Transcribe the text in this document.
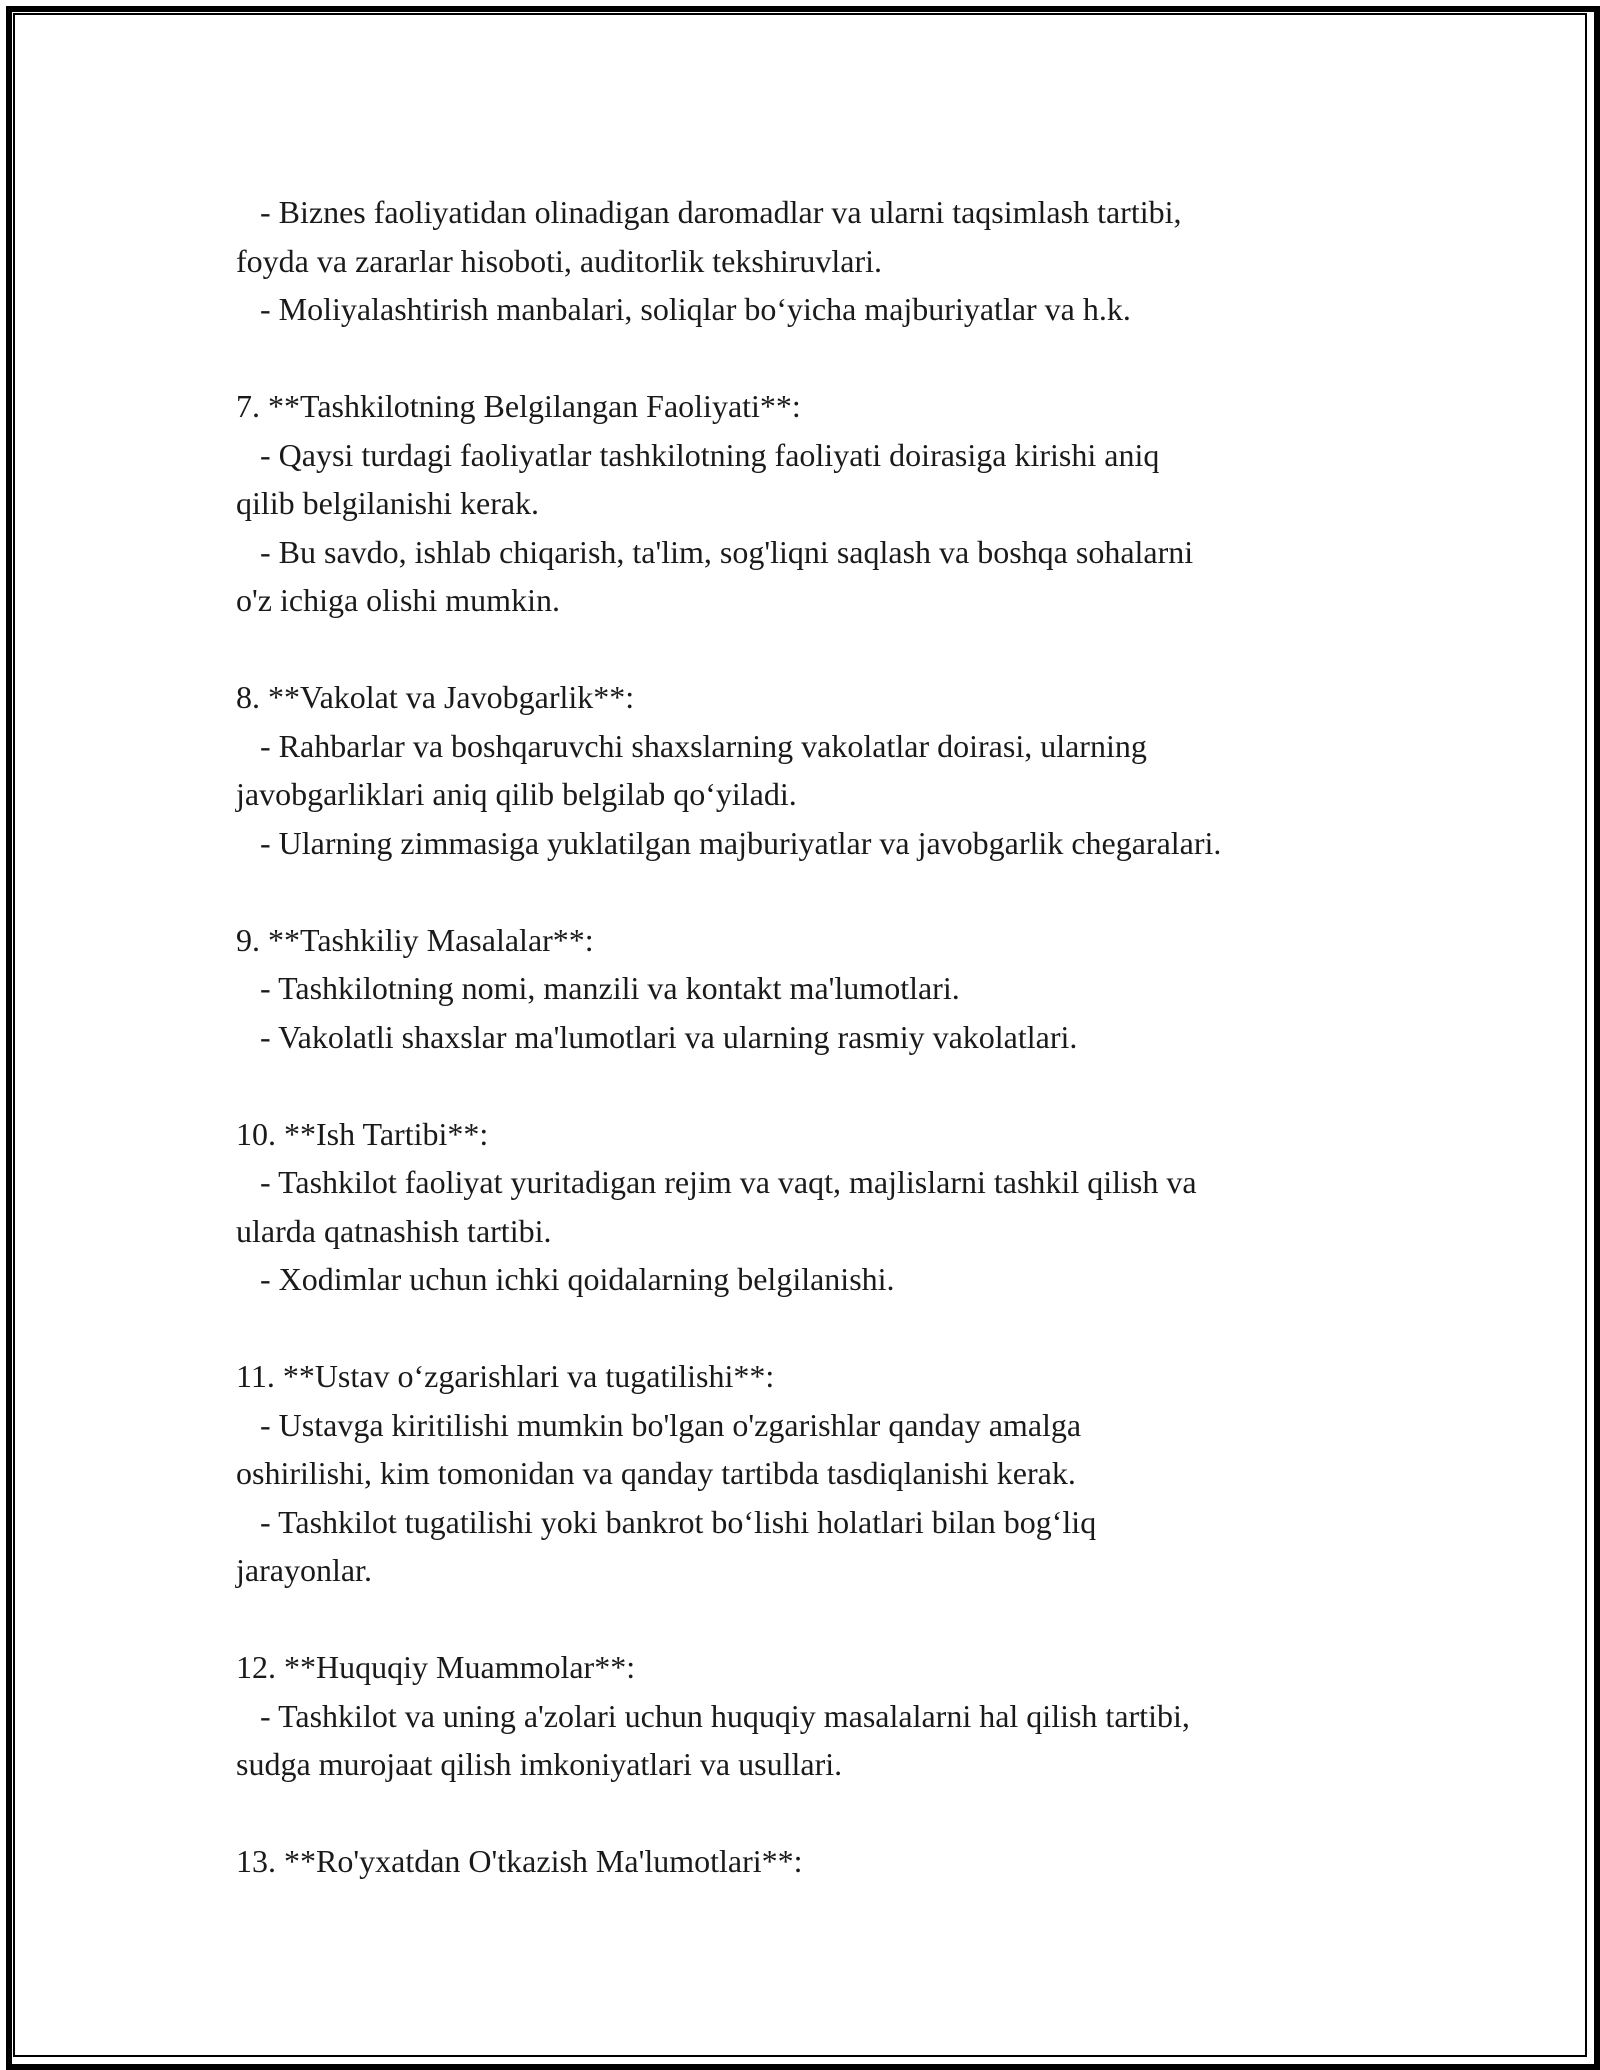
- Biznes faoliyatidan olinadigan daromadlar va ularni taqsimlash tartibi,
foyda va zararlar hisoboti, auditorlik tekshiruvlari.
- Moliyalashtirish manbalari, soliqlar bo‘yicha majburiyatlar va h.k.
7. **Tashkilotning Belgilangan Faoliyati**:
- Qaysi turdagi faoliyatlar tashkilotning faoliyati doirasiga kirishi aniq
qilib belgilanishi kerak.
- Bu savdo, ishlab chiqarish, ta'lim, sog'liqni saqlash va boshqa sohalarni
o'z ichiga olishi mumkin.
8. **Vakolat va Javobgarlik**:
- Rahbarlar va boshqaruvchi shaxslarning vakolatlar doirasi, ularning
javobgarliklari aniq qilib belgilab qo‘yiladi.
- Ularning zimmasiga yuklatilgan majburiyatlar va javobgarlik chegaralari.
9. **Tashkiliy Masalalar**:
- Tashkilotning nomi, manzili va kontakt ma'lumotlari.
- Vakolatli shaxslar ma'lumotlari va ularning rasmiy vakolatlari.
10. **Ish Tartibi**:
- Tashkilot faoliyat yuritadigan rejim va vaqt, majlislarni tashkil qilish va
ularda qatnashish tartibi.
- Xodimlar uchun ichki qoidalarning belgilanishi.
11. **Ustav o‘zgarishlari va tugatilishi**:
- Ustavga kiritilishi mumkin bo'lgan o'zgarishlar qanday amalga
oshirilishi, kim tomonidan va qanday tartibda tasdiqlanishi kerak.
- Tashkilot tugatilishi yoki bankrot bo‘lishi holatlari bilan bog‘liq
jarayonlar.
12. **Huquqiy Muammolar**:
- Tashkilot va uning a'zolari uchun huquqiy masalalarni hal qilish tartibi,
sudga murojaat qilish imkoniyatlari va usullari.
13. **Ro'yxatdan O'tkazish Ma'lumotlari**:
